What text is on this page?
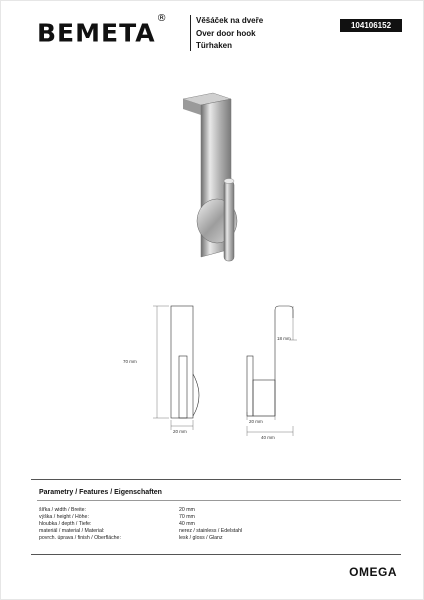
BEMETA®	Věšáček na dveře
Over door hook
Türhaken
104106152
70 mm
20 mm
18 mm
20 mm
40 mm
Parametry / Features / Eigenschaften
šířka / width / Breite:	20 mm
výška / height / Höhe:	70 mm
hloubka / depth / Tiefe:	40 mm
materiál / material / Material:	nerez / stainless / Edelstahl
povrch. úprava / finish / Oberfläche:	lesk / gloss / Glanz
OMEGA
